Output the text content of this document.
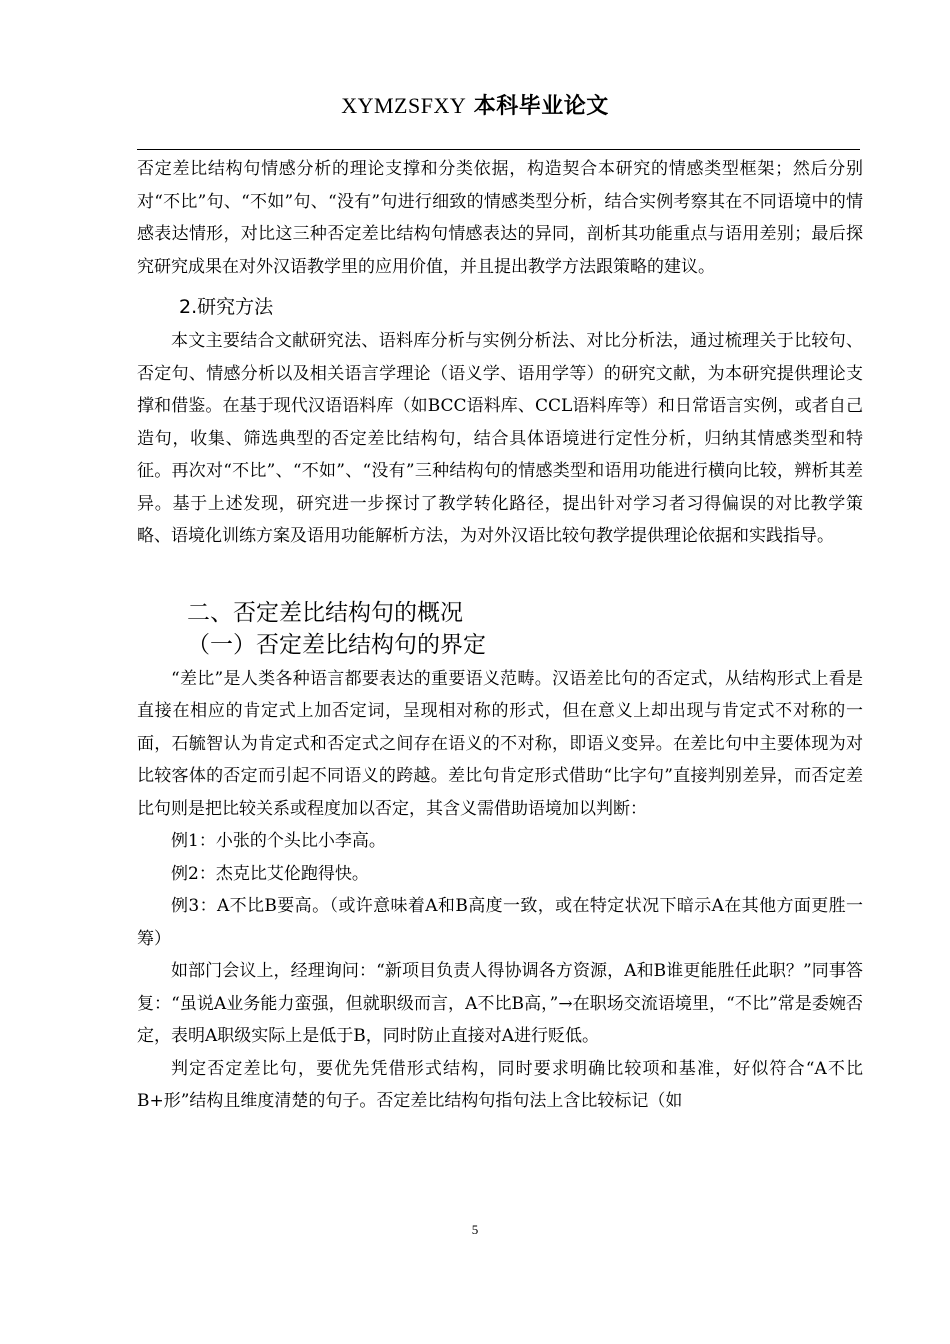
XYMZSFXY 本科毕业论文

否定差比结构句情感分析的理论支撑和分类依据，构造契合本研究的情感类型框架；然后分别对“不比”句、“不如”句、“没有”句进行细致的情感类型分析，结合实例考察其在不同语境中的情感表达情形，对比这三种否定差比结构句情感表达的异同，剖析其功能重点与语用差别；最后探究研究成果在对外汉语教学里的应用价值，并且提出教学方法跟策略的建议。

2.研究方法

本文主要结合文献研究法、语料库分析与实例分析法、对比分析法，通过梳理关于比较句、否定句、情感分析以及相关语言学理论（语义学、语用学等）的研究文献，为本研究提供理论支撑和借鉴。在基于现代汉语语料库（如BCC语料库、CCL语料库等）和日常语言实例，或者自己造句，收集、筛选典型的否定差比结构句，结合具体语境进行定性分析，归纳其情感类型和特征。再次对“不比”、“不如”、“没有”三种结构句的情感类型和语用功能进行横向比较，辨析其差异。基于上述发现，研究进一步探讨了教学转化路径，提出针对学习者习得偏误的对比教学策略、语境化训练方案及语用功能解析方法，为对外汉语比较句教学提供理论依据和实践指导。

二、否定差比结构句的概况
（一）否定差比结构句的界定

“差比”是人类各种语言都要表达的重要语义范畴。汉语差比句的否定式，从结构形式上看是直接在相应的肯定式上加否定词，呈现相对称的形式，但在意义上却出现与肯定式不对称的一面，石毓智认为肯定式和否定式之间存在语义的不对称，即语义变异。在差比句中主要体现为对比较客体的否定而引起不同语义的跨越。差比句肯定形式借助“比字句”直接判别差异，而否定差比句则是把比较关系或程度加以否定，其含义需借助语境加以判断：

例1：小张的个头比小李高。

例2：杰克比艾伦跑得快。

例3：A不比B要高。（或许意味着A和B高度一致，或在特定状况下暗示A在其他方面更胜一筹）

如部门会议上，经理询问：“新项目负责人得协调各方资源，A和B谁更能胜任此职？”同事答复：“虽说A业务能力蛮强，但就职级而言，A不比B高，”→在职场交流语境里，“不比”常是委婉否定，表明A职级实际上是低于B，同时防止直接对A进行贬低。

判定否定差比句，要优先凭借形式结构，同时要求明确比较项和基准，好似符合“A不比B+形”结构且维度清楚的句子。否定差比结构句指句法上含比较标记（如

5
